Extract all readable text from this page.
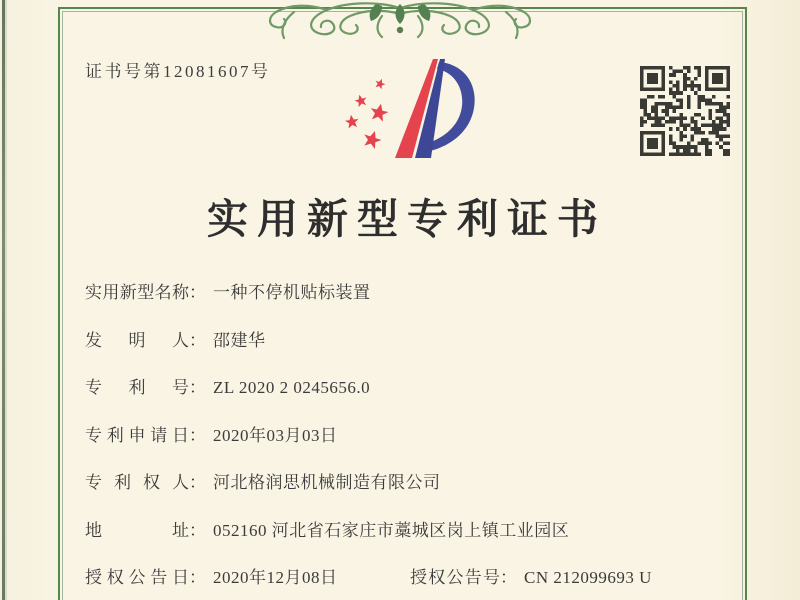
证书号第12081607号
实用新型专利证书
实用新型名称： 一种不停机贴标装置
发明人： 邵建华
专利号： ZL 2020 2 0245656.0
专利申请日： 2020年03月03日
专利权人： 河北格润思机械制造有限公司
地址： 052160 河北省石家庄市藁城区岗上镇工业园区
授权公告日： 2020年12月08日	授权公告号： CN 212099693 U
